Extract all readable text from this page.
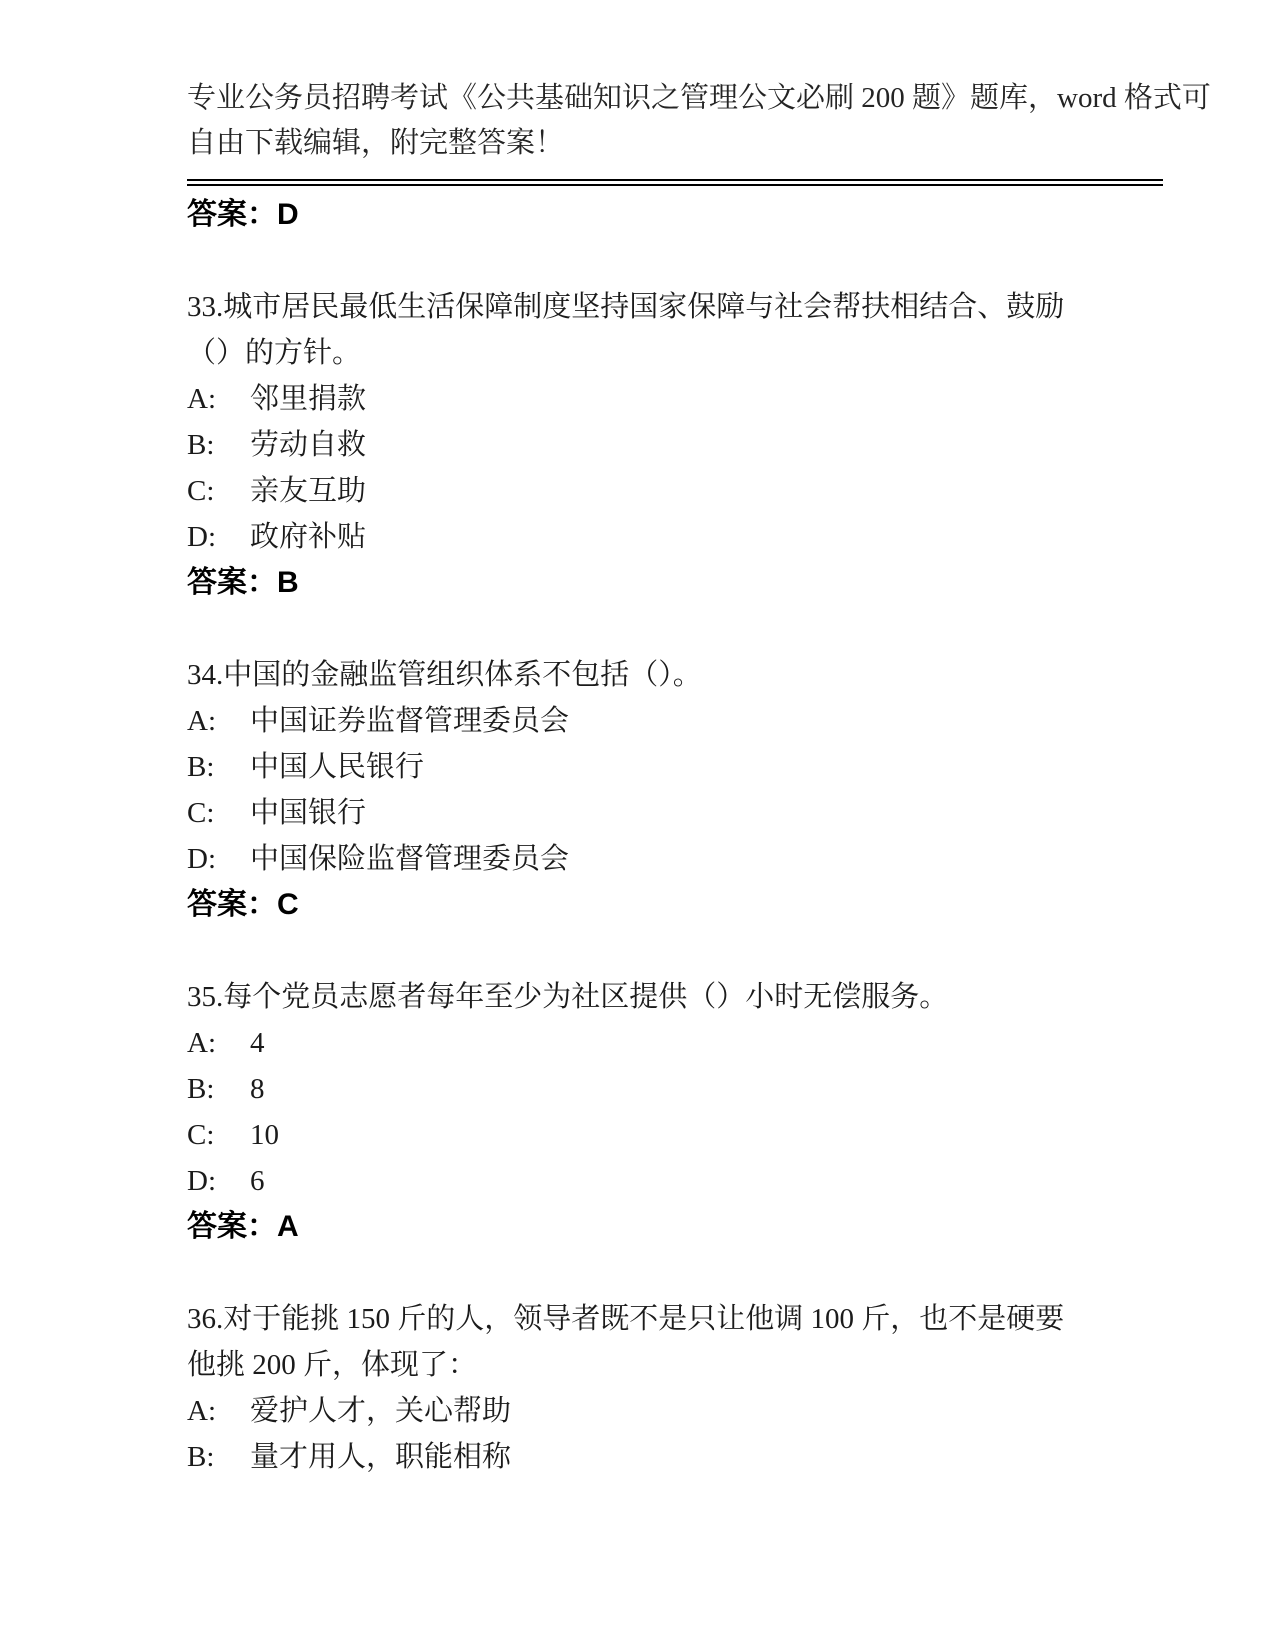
专业公务员招聘考试《公共基础知识之管理公文必刷 200 题》题库，word 格式可
自由下载编辑，附完整答案！
答案：D
33.城市居民最低生活保障制度坚持国家保障与社会帮扶相结合、鼓励
（）的方针。
A: 邻里捐款
B: 劳动自救
C: 亲友互助
D: 政府补贴
答案：B
34.中国的金融监管组织体系不包括（）。
A: 中国证券监督管理委员会
B: 中国人民银行
C: 中国银行
D: 中国保险监督管理委员会
答案：C
35.每个党员志愿者每年至少为社区提供（）小时无偿服务。
A: 4
B: 8
C: 10
D: 6
答案：A
36.对于能挑 150 斤的人，领导者既不是只让他调 100 斤，也不是硬要
他挑 200 斤，体现了：
A: 爱护人才，关心帮助
B: 量才用人，职能相称
